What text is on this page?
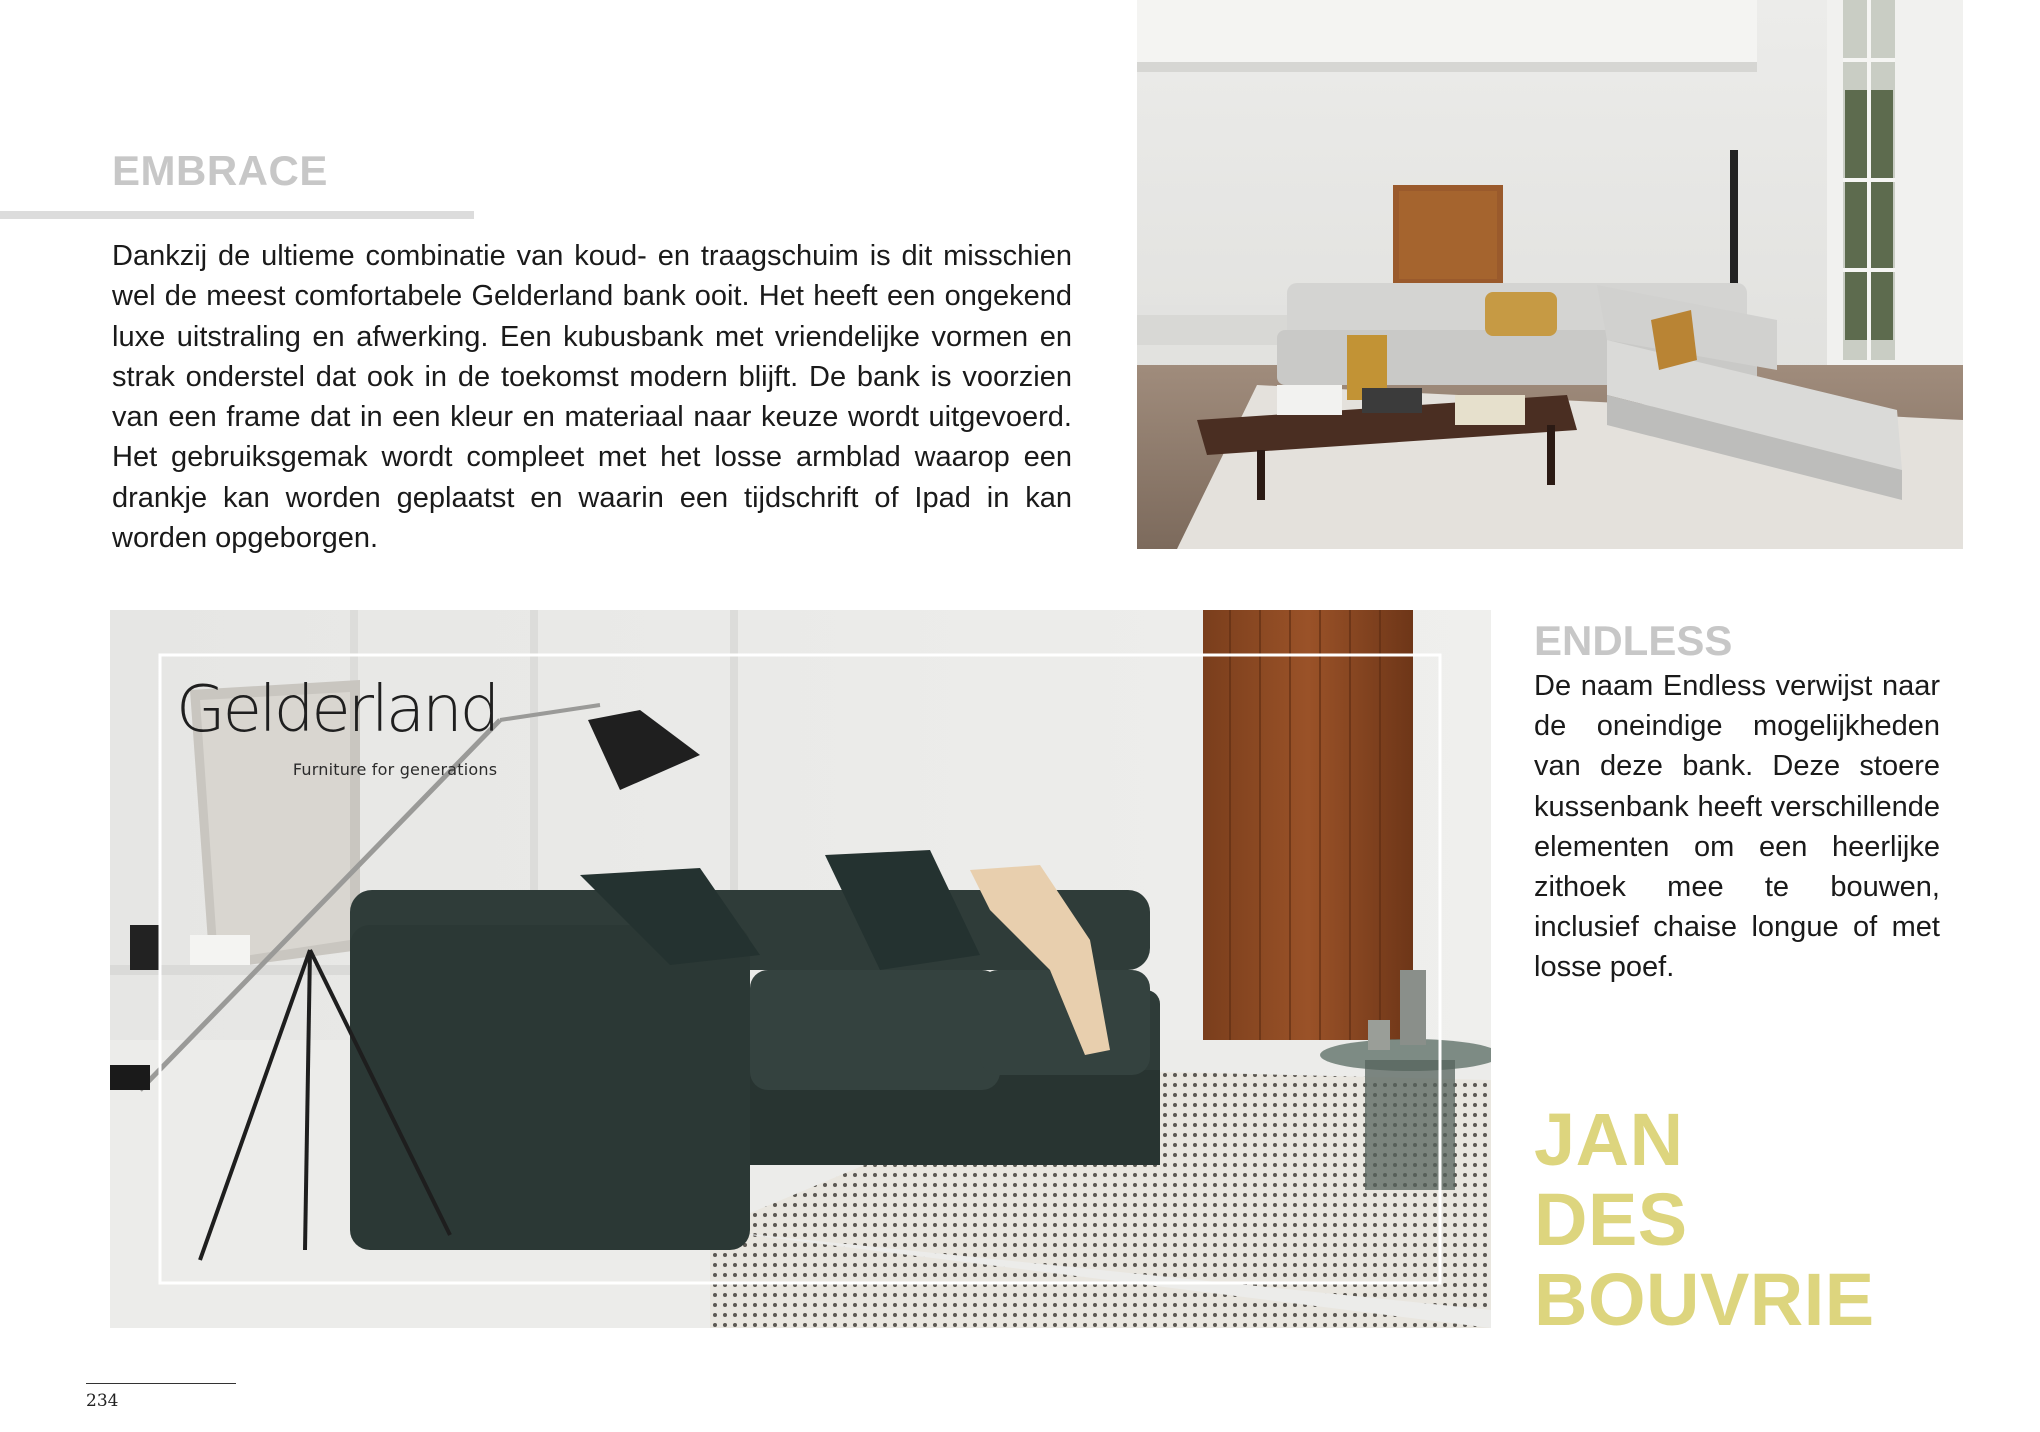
EMBRACE

Dankzij de ultieme combinatie van koud- en traagschuim is dit misschien wel de meest comfortabele Gelderland bank ooit. Het heeft een ongekend luxe uitstraling en afwerking. Een kubusbank met vriendelijke vormen en strak onderstel dat ook in de toekomst modern blijft. De bank is voorzien van een frame dat in een kleur en materiaal naar keuze wordt uitgevoerd. Het gebruiksgemak wordt compleet met het losse armblad waarop een drankje kan worden geplaatst en waarin een tijdschrift of Ipad in kan worden opgeborgen.

Gelderland
Furniture for generations
ENDLESS

De naam Endless verwijst naar de oneindige mogelijkheden van deze bank. Deze stoere kussenbank heeft verschillende elementen om een heerlijke zithoek mee te bouwen, inclusief chaise longue of met losse poef.

JAN
DES
BOUVRIE
234
